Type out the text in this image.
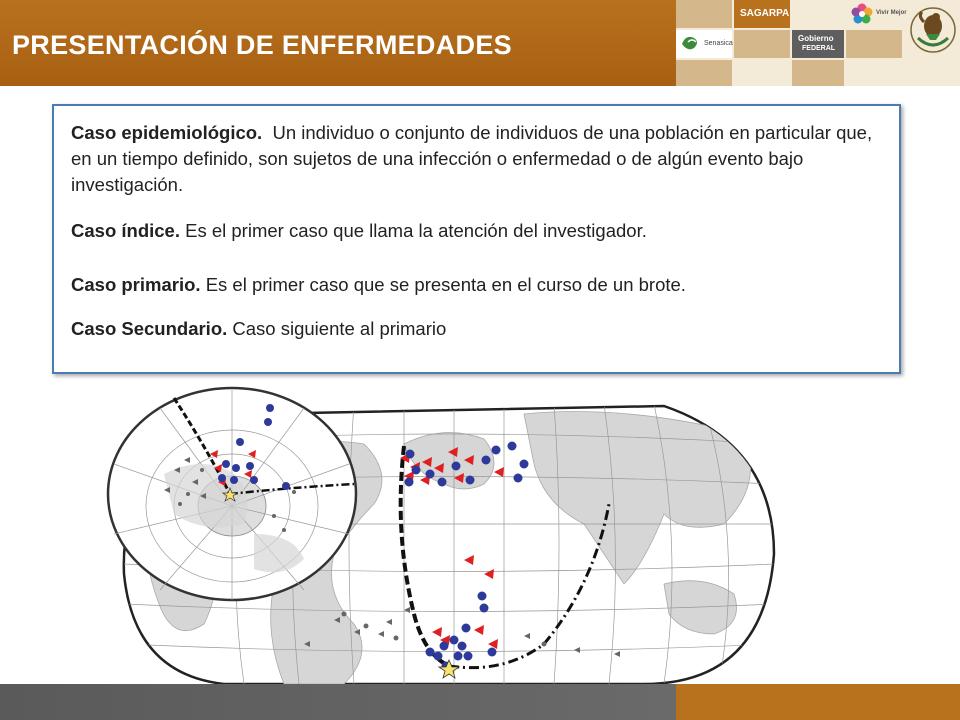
PRESENTACIÓN DE ENFERMEDADES
SAGARPA	Vivir Mejor
Senasica
Gobierno
FEDERAL

Caso epidemiológico. Un individuo o conjunto de individuos de una población en particular que, en un tiempo definido, son sujetos de una infección o enfermedad o de algún evento bajo investigación.

Caso índice. Es el primer caso que llama la atención del investigador.

Caso primario. Es el primer caso que se presenta en el curso de un brote.

Caso Secundario. Caso siguiente al primario
